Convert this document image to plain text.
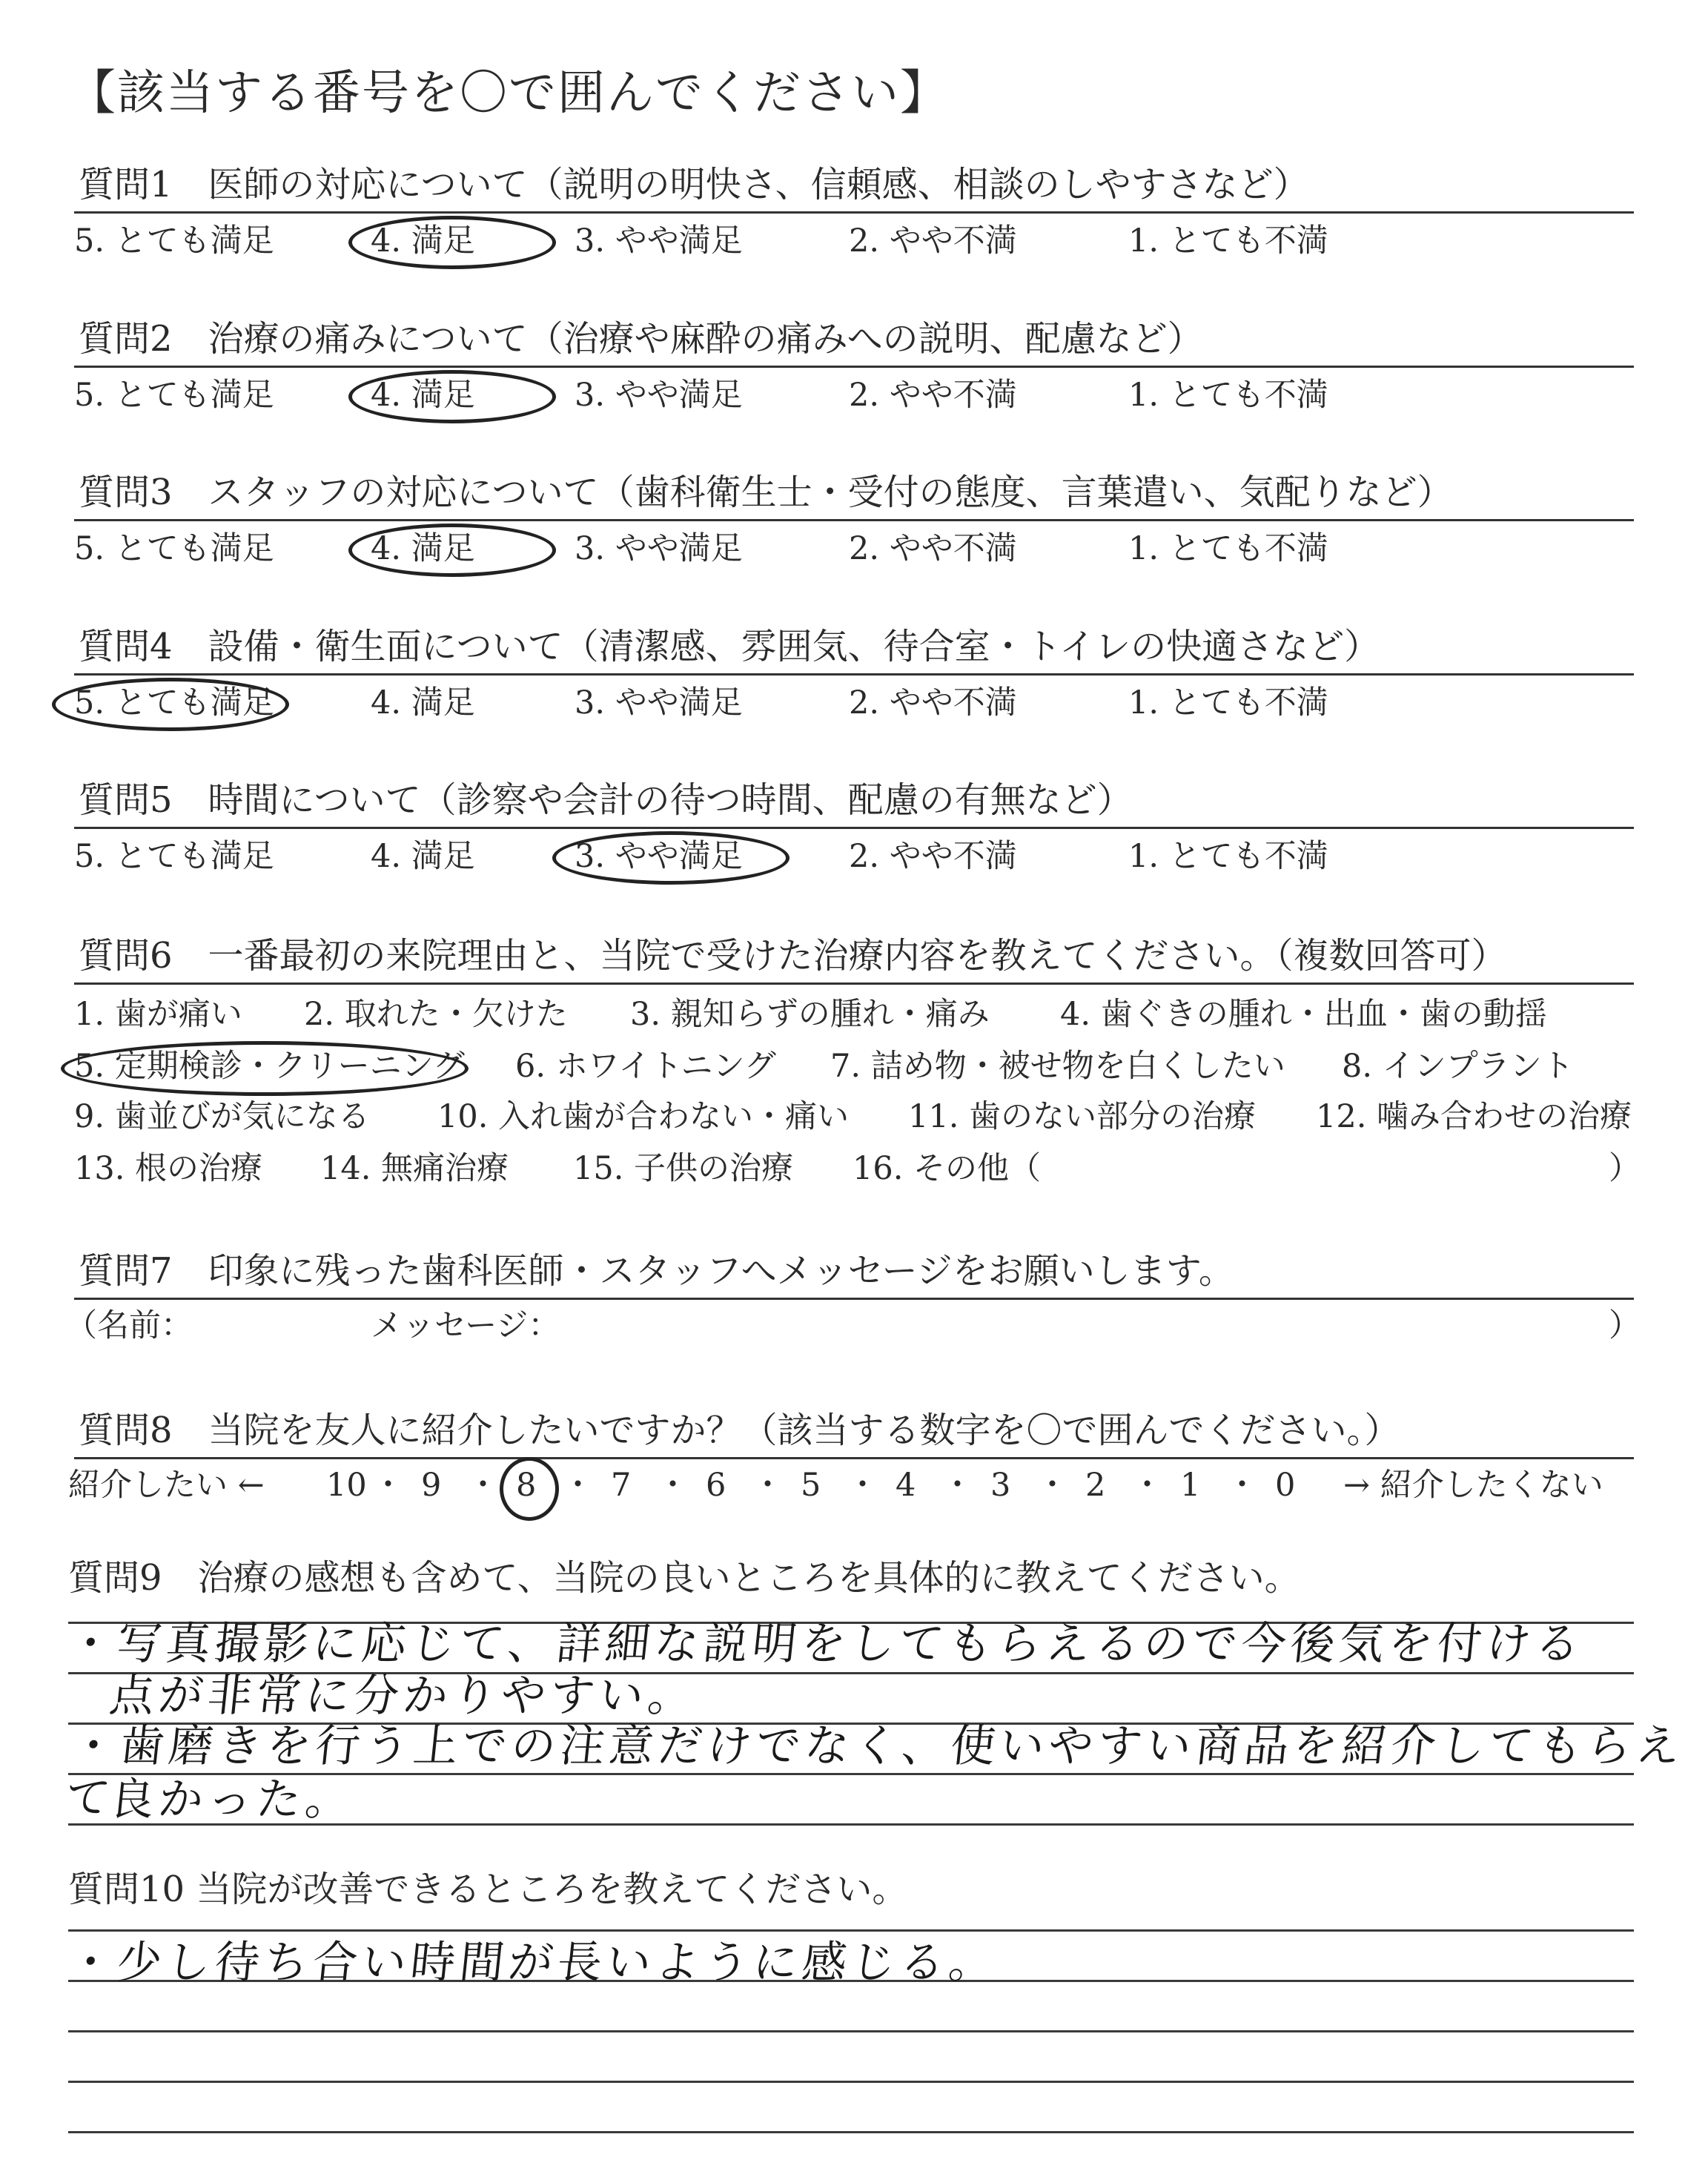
【該当する番号を〇で囲んでください】
質問1　医師の対応について（説明の明快さ、信頼感、相談のしやすさなど）
5. とても満足	4. 満足	3. やや満足	2. やや不満	1. とても不満
質問2　治療の痛みについて（治療や麻酔の痛みへの説明、配慮など）
5. とても満足	4. 満足	3. やや満足	2. やや不満	1. とても不満
質問3　スタッフの対応について（歯科衛生士・受付の態度、言葉遣い、気配りなど）
5. とても満足	4. 満足	3. やや満足	2. やや不満	1. とても不満
質問4　設備・衛生面について（清潔感、雰囲気、待合室・トイレの快適さなど）
5. とても満足	4. 満足	3. やや満足	2. やや不満	1. とても不満
質問5　時間について（診察や会計の待つ時間、配慮の有無など）
5. とても満足	4. 満足	3. やや満足	2. やや不満	1. とても不満
質問6　一番最初の来院理由と、当院で受けた治療内容を教えてください。（複数回答可）
1. 歯が痛い 2. 取れた・欠けた 3. 親知らずの腫れ・痛み 4. 歯ぐきの腫れ・出血・歯の動揺
5. 定期検診・クリーニング 6. ホワイトニング 7. 詰め物・被せ物を白くしたい 8. インプラント
9. 歯並びが気になる 10. 入れ歯が合わない・痛い 11. 歯のない部分の治療 12. 噛み合わせの治療
13. 根の治療 14. 無痛治療 15. 子供の治療 16. その他（	）
質問7　印象に残った歯科医師・スタッフへメッセージをお願いします。
（名前：	メッセージ：	）
質問8　当院を友人に紹介したいですか？（該当する数字を〇で囲んでください。）
紹介したい ← 10 ・ 9 ・ 8 ・ 7 ・ 6 ・ 5 ・ 4 ・ 3 ・ 2 ・ 1 ・ 0 → 紹介したくない
質問9　治療の感想も含めて、当院の良いところを具体的に教えてください。
・写真撮影に応じて、詳細な説明をしてもらえるので今後気を付ける
点が非常に分かりやすい。
・歯磨きを行う上での注意だけでなく、使いやすい商品を紹介してもらえて
良かった。
質問10 当院が改善できるところを教えてください。
・少し待ち合い時間が長いように感じる。
